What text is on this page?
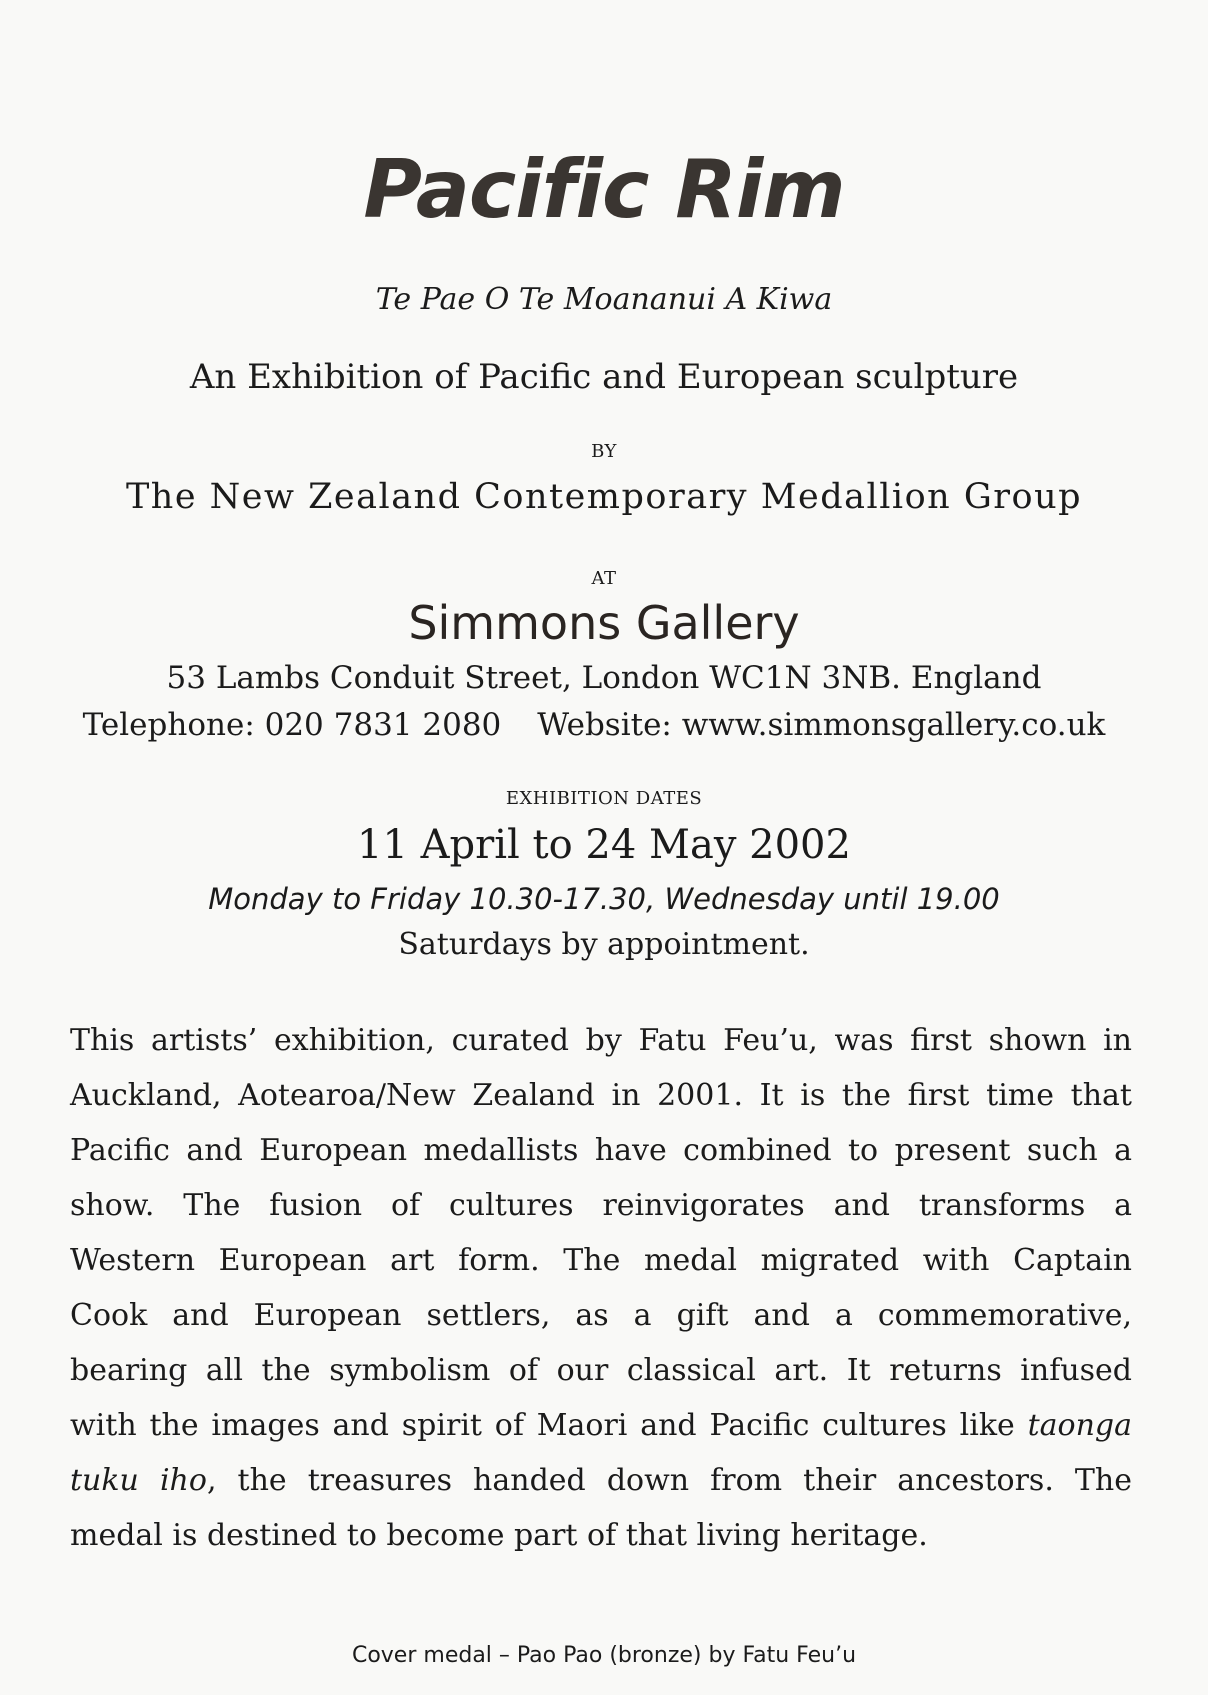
Pacific Rim
Te Pae O Te Moananui A Kiwa
An Exhibition of Pacific and European sculpture
BY
The New Zealand Contemporary Medallion Group
AT
Simmons Gallery
53 Lambs Conduit Street, London WC1N 3NB. England
Telephone: 020 7831 2080 Website: www.simmonsgallery.co.uk
EXHIBITION DATES
11 April to 24 May 2002
Monday to Friday 10.30-17.30, Wednesday until 19.00
Saturdays by appointment.
This artists’ exhibition, curated by Fatu Feu’u, was first shown in
Auckland, Aotearoa/New Zealand in 2001. It is the first time that
Pacific and European medallists have combined to present such a
show. The fusion of cultures reinvigorates and transforms a
Western European art form. The medal migrated with Captain
Cook and European settlers, as a gift and a commemorative,
bearing all the symbolism of our classical art. It returns infused
with the images and spirit of Maori and Pacific cultures like taonga
tuku iho, the treasures handed down from their ancestors. The
medal is destined to become part of that living heritage.
Cover medal – Pao Pao (bronze) by Fatu Feu’u
